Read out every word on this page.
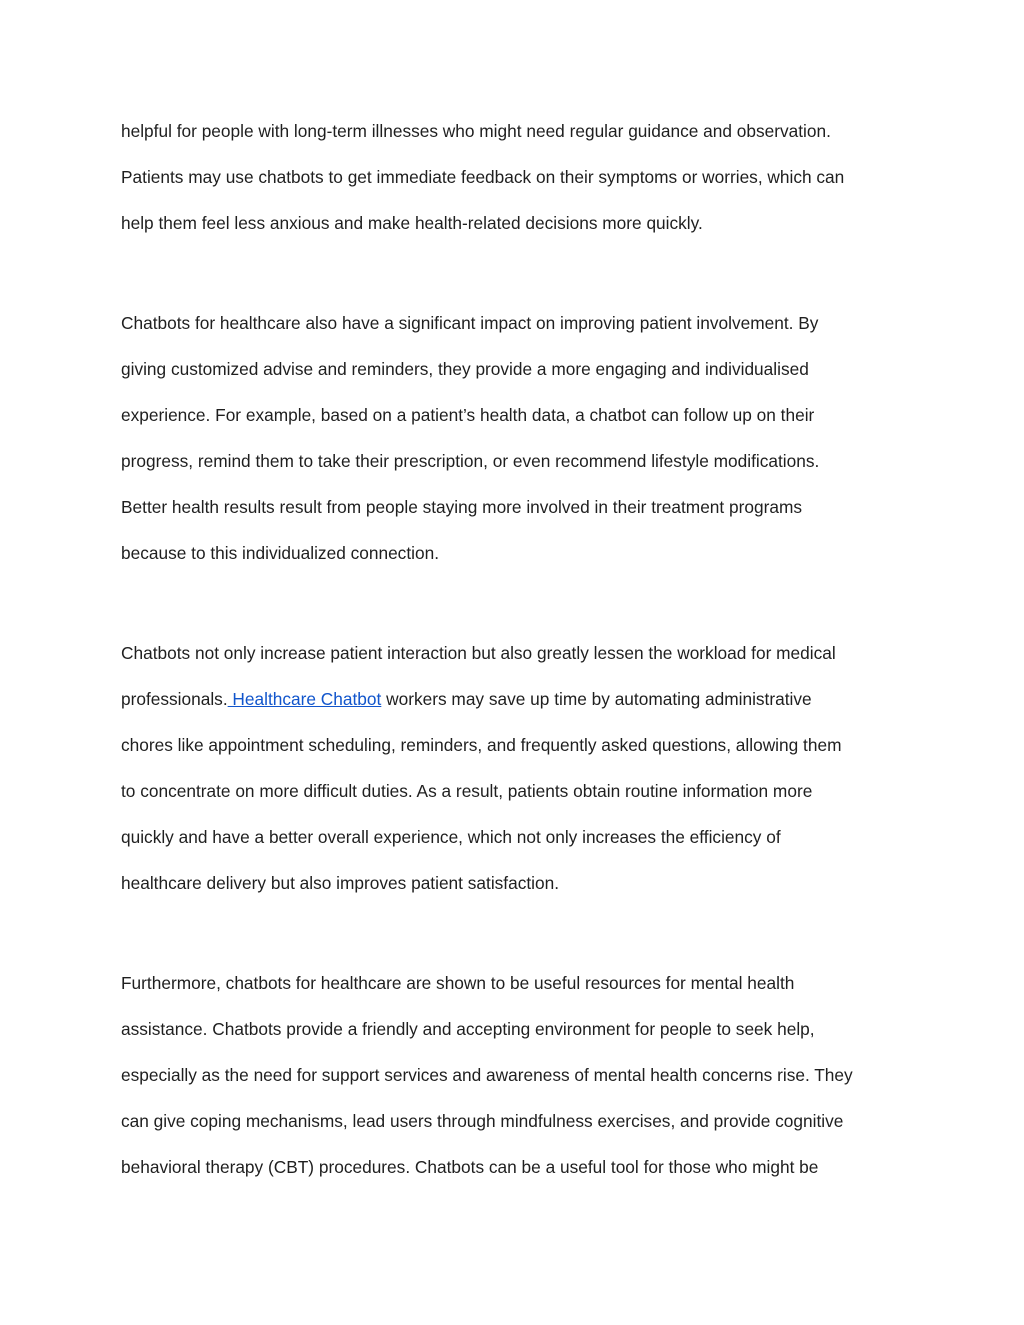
helpful for people with long-term illnesses who might need regular guidance and observation.
Patients may use chatbots to get immediate feedback on their symptoms or worries, which can
help them feel less anxious and make health-related decisions more quickly.
Chatbots for healthcare also have a significant impact on improving patient involvement. By
giving customized advise and reminders, they provide a more engaging and individualised
experience. For example, based on a patient’s health data, a chatbot can follow up on their
progress, remind them to take their prescription, or even recommend lifestyle modifications.
Better health results result from people staying more involved in their treatment programs
because to this individualized connection.
Chatbots not only increase patient interaction but also greatly lessen the workload for medical
professionals. Healthcare Chatbot workers may save up time by automating administrative
chores like appointment scheduling, reminders, and frequently asked questions, allowing them
to concentrate on more difficult duties. As a result, patients obtain routine information more
quickly and have a better overall experience, which not only increases the efficiency of
healthcare delivery but also improves patient satisfaction.
Furthermore, chatbots for healthcare are shown to be useful resources for mental health
assistance. Chatbots provide a friendly and accepting environment for people to seek help,
especially as the need for support services and awareness of mental health concerns rise. They
can give coping mechanisms, lead users through mindfulness exercises, and provide cognitive
behavioral therapy (CBT) procedures. Chatbots can be a useful tool for those who might be
